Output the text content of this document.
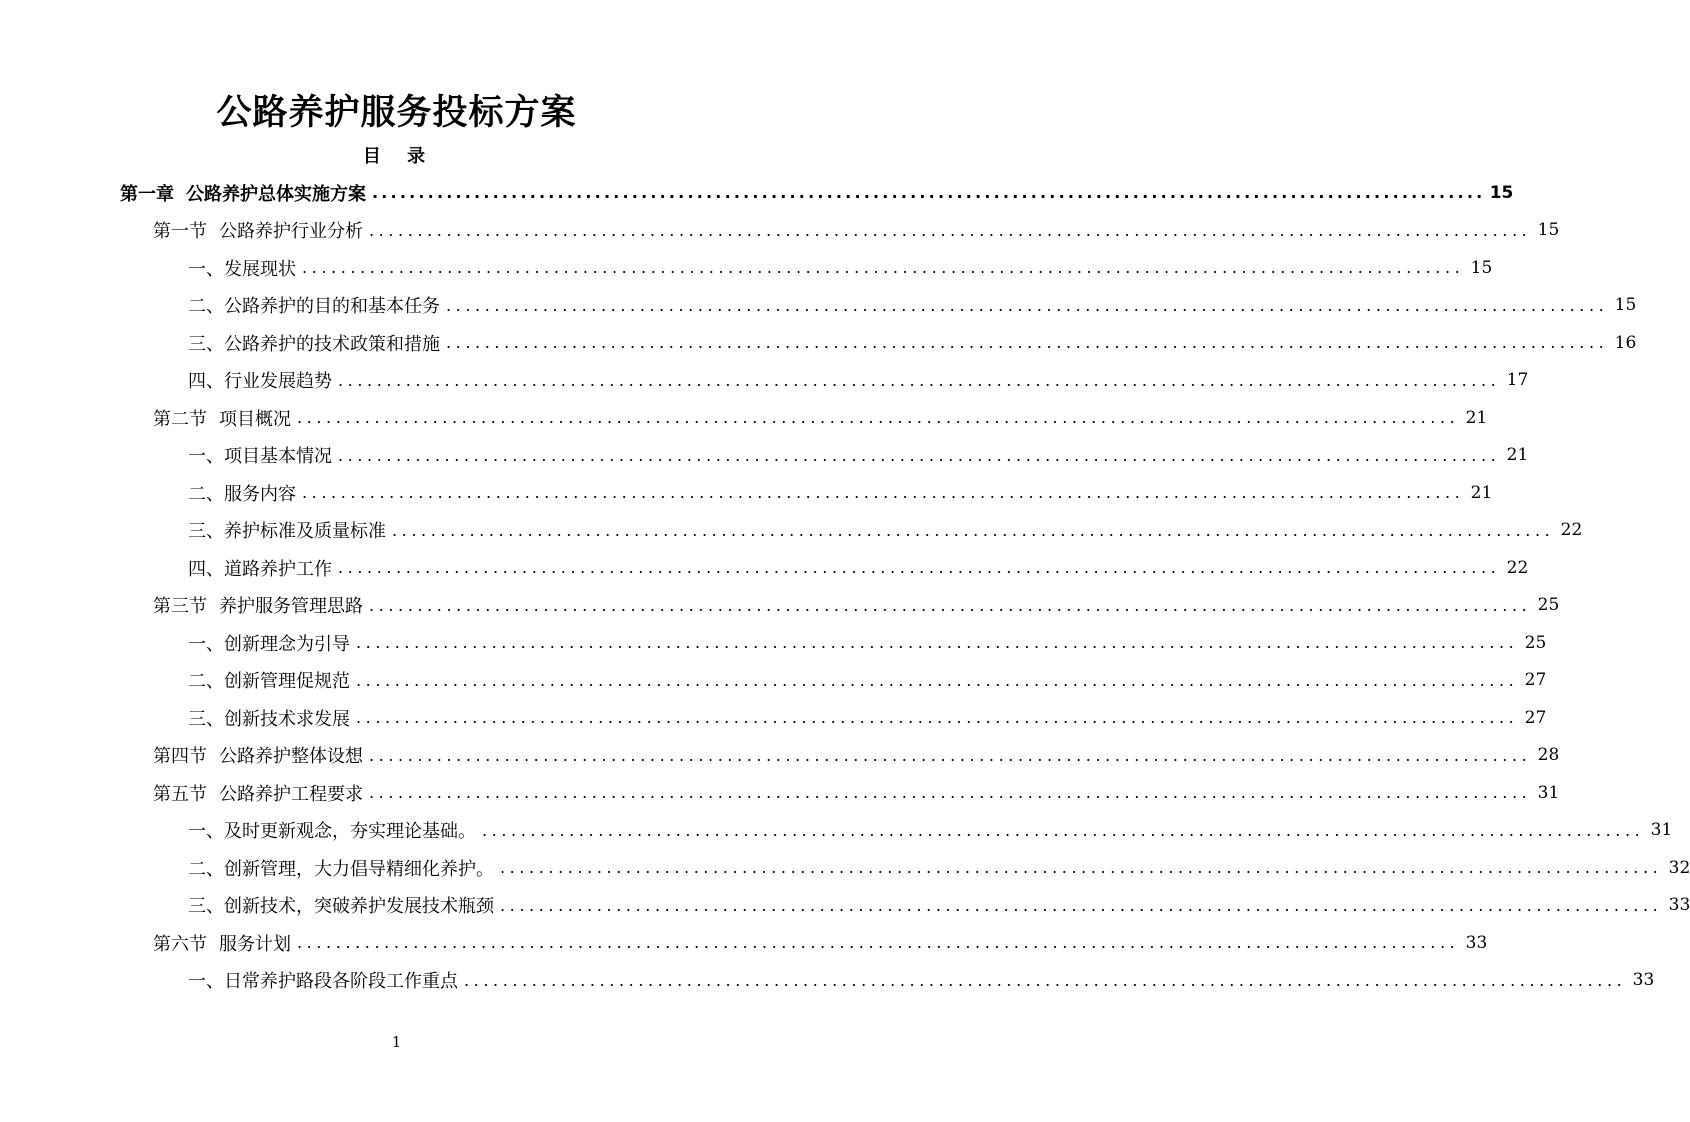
公路养护服务投标方案
目 录
第一章 公路养护总体实施方案 ........................................................................................................................ 15
第一节 公路养护行业分析 ........................................................................................................................ 15
一、发展现状 ........................................................................................................................ 15
二、公路养护的目的和基本任务 ........................................................................................................................ 15
三、公路养护的技术政策和措施 ........................................................................................................................ 16
四、行业发展趋势 ........................................................................................................................ 17
第二节 项目概况 ........................................................................................................................ 21
一、项目基本情况 ........................................................................................................................ 21
二、服务内容 ........................................................................................................................ 21
三、养护标准及质量标准 ........................................................................................................................ 22
四、道路养护工作 ........................................................................................................................ 22
第三节 养护服务管理思路 ........................................................................................................................ 25
一、创新理念为引导 ........................................................................................................................ 25
二、创新管理促规范 ........................................................................................................................ 27
三、创新技术求发展 ........................................................................................................................ 27
第四节 公路养护整体设想 ........................................................................................................................ 28
第五节 公路养护工程要求 ........................................................................................................................ 31
一、及时更新观念，夯实理论基础。 ........................................................................................................................ 31
二、创新管理，大力倡导精细化养护。 ........................................................................................................................ 32
三、创新技术，突破养护发展技术瓶颈 ........................................................................................................................ 33
第六节 服务计划 ........................................................................................................................ 33
一、日常养护路段各阶段工作重点 ........................................................................................................................ 33
1
